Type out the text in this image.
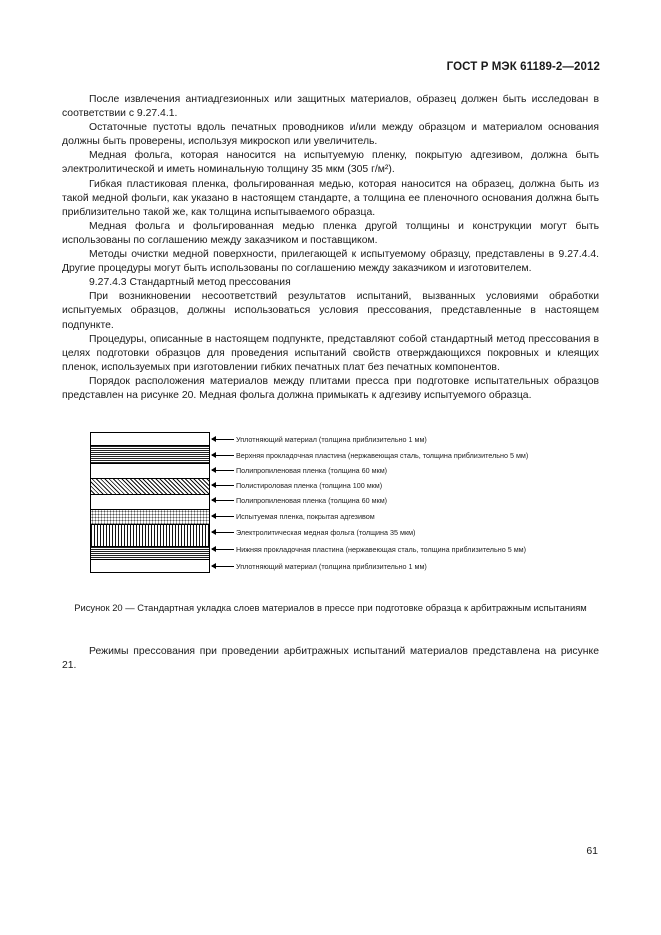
ГОСТ Р МЭК 61189-2—2012

После извлечения антиадгезионных или защитных материалов, образец должен быть исследован в соответствии с 9.27.4.1.

Остаточные пустоты вдоль печатных проводников и/или между образцом и материалом основания должны быть проверены, используя микроскоп или увеличитель.

Медная фольга, которая наносится на испытуемую пленку, покрытую адгезивом, должна быть электролитической и иметь номинальную толщину 35 мкм (305 г/м²).

Гибкая пластиковая пленка, фольгированная медью, которая наносится на образец, должна быть из такой медной фольги, как указано в настоящем стандарте, а толщина ее пленочного основания должна быть приблизительно такой же, как толщина испытываемого образца.

Медная фольга и фольгированная медью пленка другой толщины и конструкции могут быть использованы по соглашению между заказчиком и поставщиком.

Методы очистки медной поверхности, прилегающей к испытуемому образцу, представлены в 9.27.4.4. Другие процедуры могут быть использованы по соглашению между заказчиком и изготовителем.

9.27.4.3 Стандартный метод прессования

При возникновении несоответствий результатов испытаний, вызванных условиями обработки испытуемых образцов, должны использоваться условия прессования, представленные в настоящем подпункте.

Процедуры, описанные в настоящем подпункте, представляют собой стандартный метод прессования в целях подготовки образцов для проведения испытаний свойств отверждающихся покровных и клеящих пленок, используемых при изготовлении гибких печатных плат без печатных компонентов.

Порядок расположения материалов между плитами пресса при подготовке испытательных образцов представлен на рисунке 20. Медная фольга должна примыкать к адгезиву испытуемого образца.

Уплотняющий материал (толщина приблизительно 1 мм)
Верхняя прокладочная пластина (нержавеющая сталь, толщина приблизительно 5 мм)
Полипропиленовая пленка (толщина 60 мкм)
Полистироловая пленка (толщина 100 мкм)
Полипропиленовая пленка (толщина 60 мкм)
Испытуемая пленка, покрытая адгезивом
Электролитическая медная фольга (толщина 35 мкм)
Нижняя прокладочная пластина (нержавеющая сталь, толщина приблизительно 5 мм)
Уплотняющий материал (толщина приблизительно 1 мм)
Рисунок 20 — Стандартная укладка слоев материалов в прессе при подготовке образца к арбитражным испытаниям

Режимы прессования при проведении арбитражных испытаний материалов представлена на рисунке 21.

61
